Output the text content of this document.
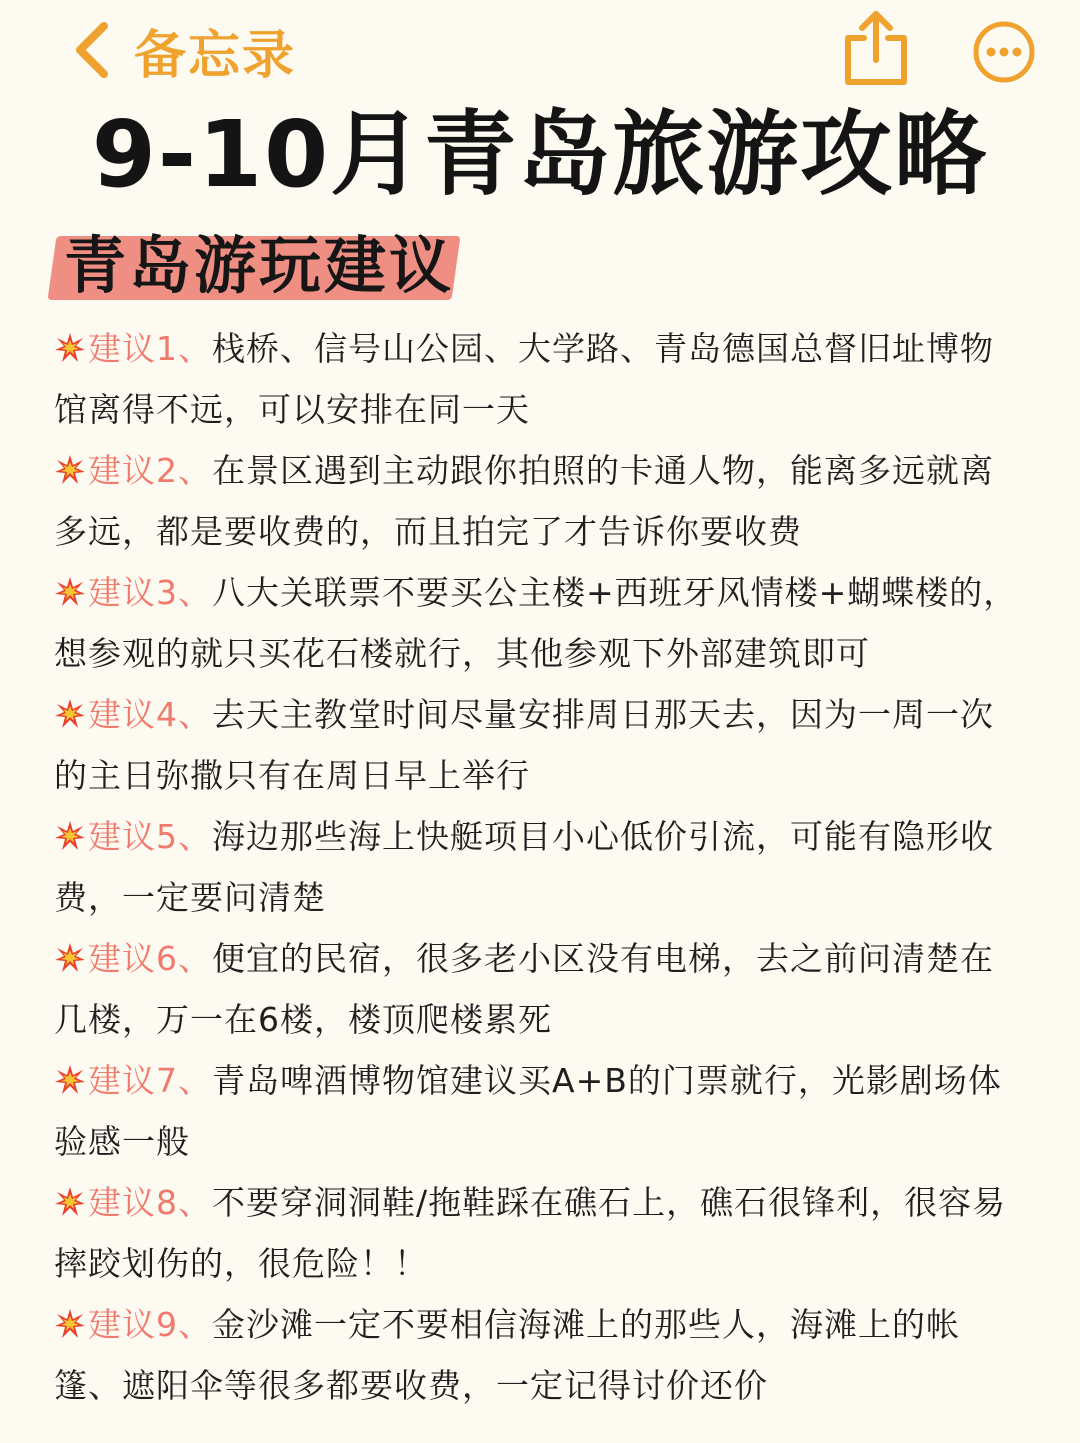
备忘录
9-10月青岛旅游攻略
青岛游玩建议
建议1、栈桥、信号山公园、大学路、青岛德国总督旧址博物馆离得不远，可以安排在同一天
建议2、在景区遇到主动跟你拍照的卡通人物，能离多远就离多远，都是要收费的，而且拍完了才告诉你要收费
建议3、八大关联票不要买公主楼+西班牙风情楼+蝴蝶楼的，想参观的就只买花石楼就行，其他参观下外部建筑即可
建议4、去天主教堂时间尽量安排周日那天去，因为一周一次的主日弥撒只有在周日早上举行
建议5、海边那些海上快艇项目小心低价引流，可能有隐形收费，一定要问清楚
建议6、便宜的民宿，很多老小区没有电梯，去之前问清楚在几楼，万一在6楼，楼顶爬楼累死
建议7、青岛啤酒博物馆建议买A+B的门票就行，光影剧场体验感一般
建议8、不要穿洞洞鞋/拖鞋踩在礁石上，礁石很锋利，很容易摔跤划伤的，很危险！！
建议9、金沙滩一定不要相信海滩上的那些人，海滩上的帐篷、遮阳伞等很多都要收费，一定记得讨价还价
